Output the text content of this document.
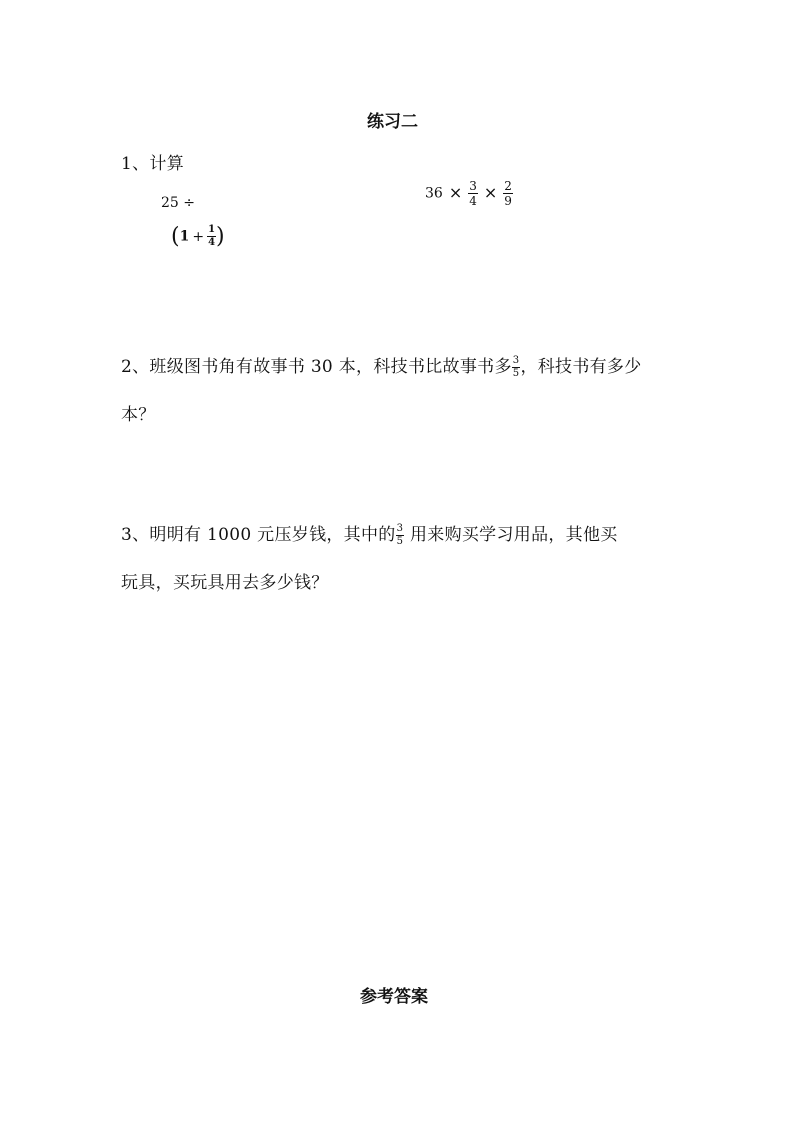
练习二
1、计算
25 ÷
($1 + \frac{1}{4}$ )
$36 \times \frac{3}{4} \times \frac{2}{9}$
2、班级图书角有故事书 30 本，科技书比故事书多 $\frac{3}{5}$ ，科技书有多少
本？
3、明明有 1000 元压岁钱，其中的 $\frac{3}{5}$ 用来购买学习用品，其他买
玩具，买玩具用去多少钱？
参考答案
